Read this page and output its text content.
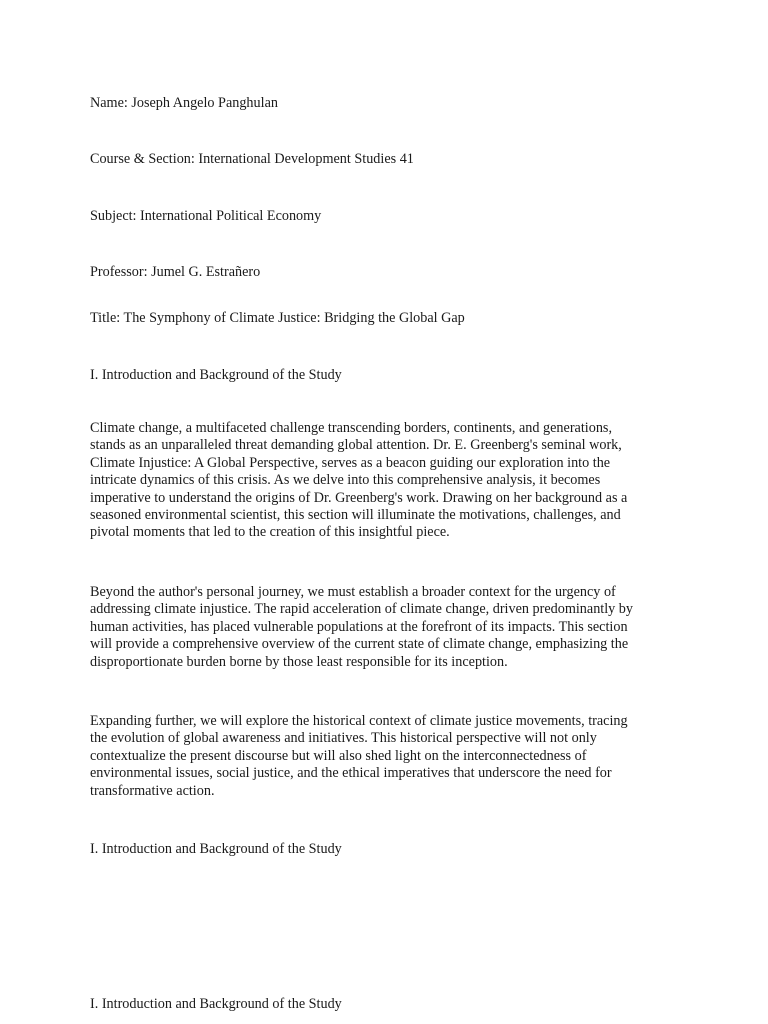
Name: Joseph Angelo Panghulan

Course & Section: International Development Studies 41

Subject: International Political Economy

Professor: Jumel G. Estrañero

Title: The Symphony of Climate Justice: Bridging the Global Gap

I. Introduction and Background of the Study

Climate change, a multifaceted challenge transcending borders, continents, and generations,
stands as an unparalleled threat demanding global attention. Dr. E. Greenberg's seminal work,
Climate Injustice: A Global Perspective, serves as a beacon guiding our exploration into the
intricate dynamics of this crisis. As we delve into this comprehensive analysis, it becomes
imperative to understand the origins of Dr. Greenberg's work. Drawing on her background as a
seasoned environmental scientist, this section will illuminate the motivations, challenges, and
pivotal moments that led to the creation of this insightful piece.
Beyond the author's personal journey, we must establish a broader context for the urgency of
addressing climate injustice. The rapid acceleration of climate change, driven predominantly by
human activities, has placed vulnerable populations at the forefront of its impacts. This section
will provide a comprehensive overview of the current state of climate change, emphasizing the
disproportionate burden borne by those least responsible for its inception.
Expanding further, we will explore the historical context of climate justice movements, tracing
the evolution of global awareness and initiatives. This historical perspective will not only
contextualize the present discourse but will also shed light on the interconnectedness of
environmental issues, social justice, and the ethical imperatives that underscore the need for
transformative action.

I. Introduction and Background of the Study

I. Introduction and Background of the Study
